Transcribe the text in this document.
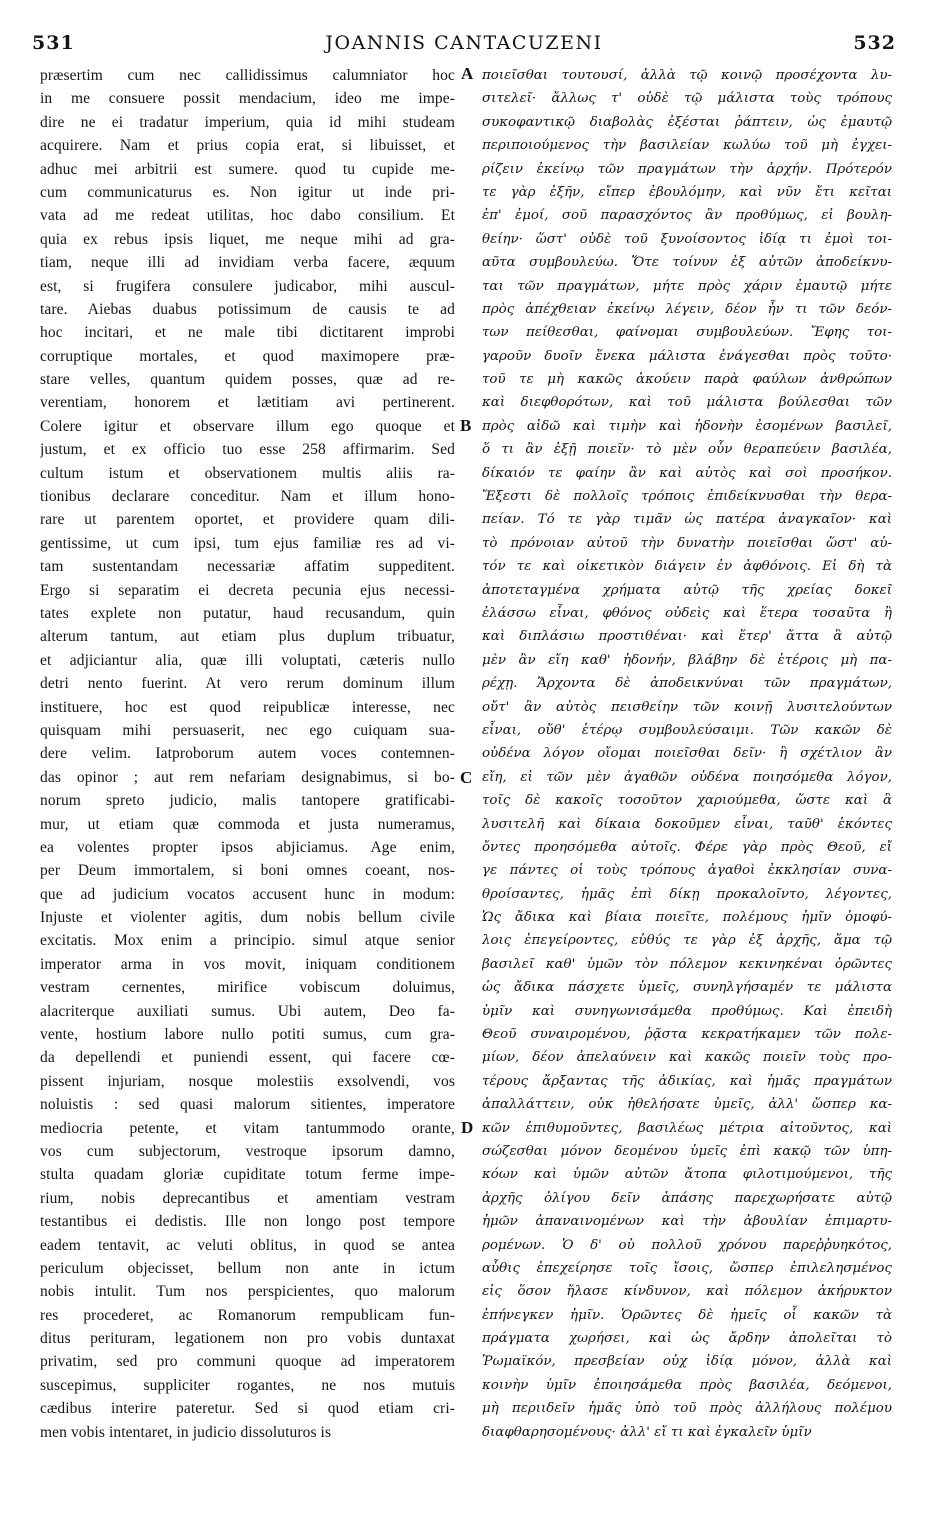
531	JOANNIS CANTACUZENI	532
præsertim cum nec callidissimus calumniator hoc
in me consuere possit mendacium, ideo me impe-
dire ne ei tradatur imperium, quia id mihi studeam
acquirere. Nam et prius copia erat, si libuisset, et
adhuc mei arbitrii est sumere. quod tu cupide me-
cum communicaturus es. Non igitur ut inde pri-
vata ad me redeat utilitas, hoc dabo consilium. Et
quia ex rebus ipsis liquet, me neque mihi ad gra-
tiam, neque illi ad invidiam verba facere, æquum
est, si frugifera consulere judicabor, mihi auscul-
tare. Aiebas duabus potissimum de causis te ad
hoc incitari, et ne male tibi dictitarent improbi
corruptique mortales, et quod maximopere præ-
stare velles, quantum quidem posses, quæ ad re-
verentiam, honorem et lætitiam avi pertinerent.
Colere igitur et observare illum ego quoque et
justum, et ex officio tuo esse 258 affirmarim. Sed
cultum istum et observationem multis aliis ra-
tionibus declarare conceditur. Nam et illum hono-
rare ut parentem oportet, et providere quam dili-
gentissime, ut cum ipsi, tum ejus familiæ res ad vi-
tam sustentandam necessariæ affatim suppeditent.
Ergo si separatim ei decreta pecunia ejus necessi-
tates explete non putatur, haud recusandum, quin
alterum tantum, aut etiam plus duplum tribuatur,
et adjiciantur alia, quæ illi voluptati, cæteris nullo
detri nento fuerint. At vero rerum dominum illum
instituere, hoc est quod reipublicæ interesse, nec
quisquam mihi persuaserit, nec ego cuiquam sua-
dere velim. Iatproborum autem voces contemnen-
das opinor ; aut rem nefariam designabimus, si bo-
norum spreto judicio, malis tantopere gratificabi-
mur, ut etiam quæ commoda et justa numeramus,
ea volentes propter ipsos abjiciamus. Age enim,
per Deum immortalem, si boni omnes coeant, nos-
que ad judicium vocatos accusent hunc in modum:
Injuste et violenter agitis, dum nobis bellum civile
excitatis. Mox enim a principio. simul atque senior
imperator arma in vos movit, iniquam conditionem
vestram cernentes, mirifice vobiscum doluimus,
alacriterque auxiliati sumus. Ubi autem, Deo fa-
vente, hostium labore nullo potiti sumus, cum gra-
da depellendi et puniendi essent, qui facere cœ-
pissent injuriam, nosque molestiis exsolvendi, vos
noluistis : sed quasi malorum sitientes, imperatore
mediocria petente, et vitam tantummodo orante,
vos cum subjectorum, vestroque ipsorum damno,
stulta quadam gloriæ cupiditate totum ferme impe-
rium, nobis deprecantibus et amentiam vestram
testantibus ei dedistis. Ille non longo post tempore
eadem tentavit, ac veluti oblitus, in quod se antea
periculum objecisset, bellum non ante in ictum
nobis intulit. Tum nos perspicientes, quo malorum
res procederet, ac Romanorum rempublicam fun-
ditus perituram, legationem non pro vobis duntaxat
privatim, sed pro communi quoque ad imperatorem
suscepimus, suppliciter rogantes, ne nos mutuis
cædibus interire pateretur. Sed si quod etiam cri-
men vobis intentaret, in judicio dissoluturos is
A
B
C
D
ποιεῖσθαι τουτουσί, ἀλλὰ τῷ κοινῷ προσέχοντα λυ-
σιτελεῖ· ἄλλως τ' οὐδὲ τῷ μάλιστα τοὺς τρόπους
συκοφαντικῷ διαβολὰς ἐξέσται ῥάπτειν, ὡς ἐμαυτῷ
περιποιούμενος τὴν βασιλείαν κωλύω τοῦ μὴ ἐγχει-
ρίζειν ἐκείνῳ τῶν πραγμάτων τὴν ἀρχήν. Πρότερόν
τε γὰρ ἐξῆν, εἴπερ ἐβουλόμην, καὶ νῦν ἔτι κεῖται
ἐπ' ἐμοί, σοῦ παρασχόντος ἂν προθύμως, εἰ βουλη-
θείην· ὥστ' οὐδὲ τοῦ ξυνοίσοντος ἰδίᾳ τι ἐμοὶ τοι-
αῦτα συμβουλεύω. Ὅτε τοίνυν ἐξ αὐτῶν ἀποδείκνυ-
ται τῶν πραγμάτων, μήτε πρὸς χάριν ἐμαυτῷ μήτε
πρὸς ἀπέχθειαν ἐκείνῳ λέγειν, δέον ἦν τι τῶν δεόν-
των πείθεσθαι, φαίνομαι συμβουλεύων. Ἔφης τοι-
γαροῦν δυοῖν ἕνεκα μάλιστα ἐνάγεσθαι πρὸς τοῦτο·
τοῦ τε μὴ κακῶς ἀκούειν παρὰ φαύλων ἀνθρώπων
καὶ διεφθορότων, καὶ τοῦ μάλιστα βούλεσθαι τῶν
πρὸς αἰδῶ καὶ τιμὴν καὶ ἡδονὴν ἐσομένων βασιλεῖ,
ὅ τι ἂν ἐξῇ ποιεῖν· τὸ μὲν οὖν θεραπεύειν βασιλέα,
δίκαιόν τε φαίην ἂν καὶ αὐτὸς καὶ σοὶ προσήκον.
Ἔξεστι δὲ πολλοῖς τρόποις ἐπιδείκνυσθαι τὴν θερα-
πείαν. Τό τε γὰρ τιμᾶν ὡς πατέρα ἀναγκαῖον· καὶ
τὸ πρόνοιαν αὐτοῦ τὴν δυνατὴν ποιεῖσθαι ὥστ' αὐ-
τόν τε καὶ οἰκετικὸν διάγειν ἐν ἀφθόνοις. Εἰ δὴ τὰ
ἀποτεταγμένα χρήματα αὐτῷ τῆς χρείας δοκεῖ
ἐλάσσω εἶναι, φθόνος οὐδεὶς καὶ ἕτερα τοσαῦτα ἢ
καὶ διπλάσιω προστιθέναι· καὶ ἕτερ' ἄττα ἃ αὐτῷ
μὲν ἂν εἴη καθ' ἡδονήν, βλάβην δὲ ἑτέροις μὴ πα-
ρέχῃ. Ἄρχοντα δὲ ἀποδεικνύναι τῶν πραγμάτων,
οὔτ' ἂν αὐτὸς πεισθείην τῶν κοινῇ λυσιτελούντων
εἶναι, οὔθ' ἑτέρῳ συμβουλεύσαιμι. Τῶν κακῶν δὲ
οὐδένα λόγον οἴομαι ποιεῖσθαι δεῖν· ἢ σχέτλιον ἂν
εἴη, εἰ τῶν μὲν ἀγαθῶν οὐδένα ποιησόμεθα λόγον,
τοῖς δὲ κακοῖς τοσοῦτον χαριούμεθα, ὥστε καὶ ἃ
λυσιτελῆ καὶ δίκαια δοκοῦμεν εἶναι, ταῦθ' ἑκόντες
ὄντες προησόμεθα αὐτοῖς. Φέρε γὰρ πρὸς Θεοῦ, εἴ
γε πάντες οἱ τοὺς τρόπους ἀγαθοὶ ἐκκλησίαν συνα-
θροίσαντες, ἡμᾶς ἐπὶ δίκῃ προκαλοῖντο, λέγοντες,
Ὡς ἄδικα καὶ βίαια ποιεῖτε, πολέμους ἡμῖν ὁμοφύ-
λοις ἐπεγείροντες, εὐθύς τε γὰρ ἐξ ἀρχῆς, ἅμα τῷ
βασιλεῖ καθ' ὑμῶν τὸν πόλεμον κεκινηκέναι ὁρῶντες
ὡς ἄδικα πάσχετε ὑμεῖς, συνηλγήσαμέν τε μάλιστα
ὑμῖν καὶ συνηγωνισάμεθα προθύμως. Καὶ ἐπειδὴ
Θεοῦ συναιρομένου, ῥᾷστα κεκρατήκαμεν τῶν πολε-
μίων, δέον ἀπελαύνειν καὶ κακῶς ποιεῖν τοὺς προ-
τέρους ἄρξαντας τῆς ἀδικίας, καὶ ἡμᾶς πραγμάτων
ἀπαλλάττειν, οὐκ ἠθελήσατε ὑμεῖς, ἀλλ' ὥσπερ κα-
κῶν ἐπιθυμοῦντες, βασιλέως μέτρια αἰτοῦντος, καὶ
σώζεσθαι μόνον δεομένου ὑμεῖς ἐπὶ κακῷ τῶν ὑπη-
κόων καὶ ὑμῶν αὐτῶν ἄτοπα φιλοτιμούμενοι, τῆς
ἀρχῆς ὀλίγου δεῖν ἁπάσης παρεχωρήσατε αὐτῷ
ἡμῶν ἀπαναινομένων καὶ τὴν ἀβουλίαν ἐπιμαρτυ-
ρομένων. Ὁ δ' οὐ πολλοῦ χρόνου παρεῤῥυηκότος,
αὖθις ἐπεχείρησε τοῖς ἴσοις, ὥσπερ ἐπιλελησμένος
εἰς ὅσον ἤλασε κίνδυνον, καὶ πόλεμον ἀκήρυκτον
ἐπήνεγκεν ἡμῖν. Ὁρῶντες δὲ ἡμεῖς οἷ κακῶν τὰ
πράγματα χωρήσει, καὶ ὡς ἄρδην ἀπολεῖται τὸ
Ῥωμαϊκόν, πρεσβείαν οὐχ ἰδίᾳ μόνον, ἀλλὰ καὶ
κοινὴν ὑμῖν ἐποιησάμεθα πρὸς βασιλέα, δεόμενοι,
μὴ περιιδεῖν ἡμᾶς ὑπὸ τοῦ πρὸς ἀλλήλους πολέμου
διαφθαρησομένους· ἀλλ' εἴ τι καὶ ἐγκαλεῖν ὑμῖν
